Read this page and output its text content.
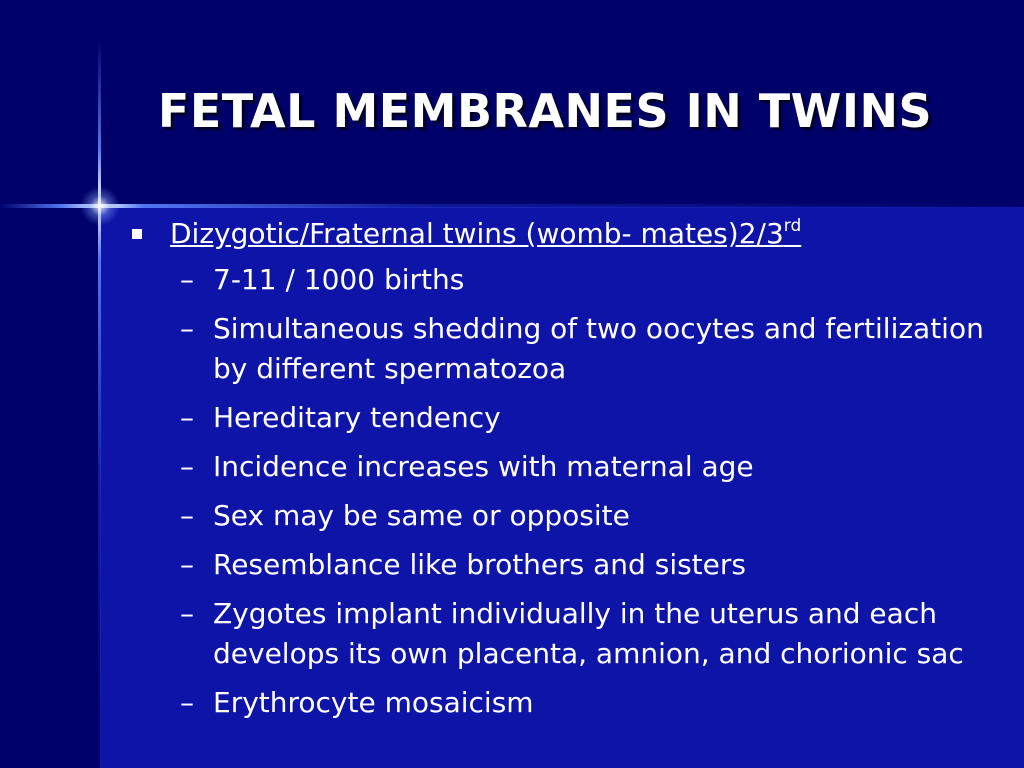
FETAL MEMBRANES IN TWINS
Dizygotic/Fraternal twins (womb- mates)2/3rd
– 7-11 / 1000 births
– Simultaneous shedding of two oocytes and fertilization by different spermatozoa
– Hereditary tendency
– Incidence increases with maternal age
– Sex may be same or opposite
– Resemblance like brothers and sisters
– Zygotes implant individually in the uterus and each develops its own placenta, amnion, and chorionic sac
– Erythrocyte mosaicism
